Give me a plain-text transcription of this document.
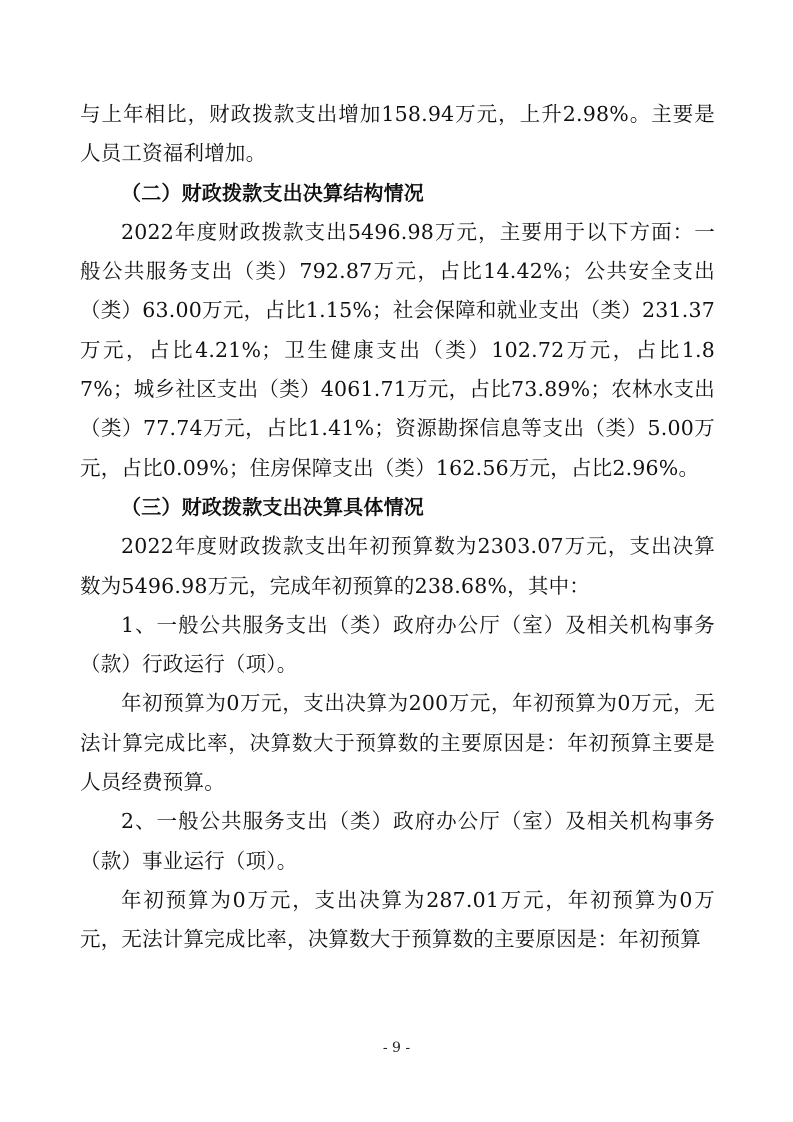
与上年相比，财政拨款支出增加158.94万元，上升2.98%。主要是人员工资福利增加。

（二）财政拨款支出决算结构情况

2022年度财政拨款支出5496.98万元，主要用于以下方面：一般公共服务支出（类）792.87万元，占比14.42%；公共安全支出（类）63.00万元，占比1.15%；社会保障和就业支出（类）231.37万元，占比4.21%；卫生健康支出（类）102.72万元，占比1.87%；城乡社区支出（类）4061.71万元，占比73.89%；农林水支出（类）77.74万元，占比1.41%；资源勘探信息等支出（类）5.00万元，占比0.09%；住房保障支出（类）162.56万元，占比2.96%。

（三）财政拨款支出决算具体情况

2022年度财政拨款支出年初预算数为2303.07万元，支出决算数为5496.98万元，完成年初预算的238.68%，其中：

1、一般公共服务支出（类）政府办公厅（室）及相关机构事务（款）行政运行（项）。

年初预算为0万元，支出决算为200万元，年初预算为0万元，无法计算完成比率，决算数大于预算数的主要原因是：年初预算主要是人员经费预算。

2、一般公共服务支出（类）政府办公厅（室）及相关机构事务（款）事业运行（项）。

年初预算为0万元，支出决算为287.01万元，年初预算为0万元，无法计算完成比率，决算数大于预算数的主要原因是：年初预算

- 9 -
